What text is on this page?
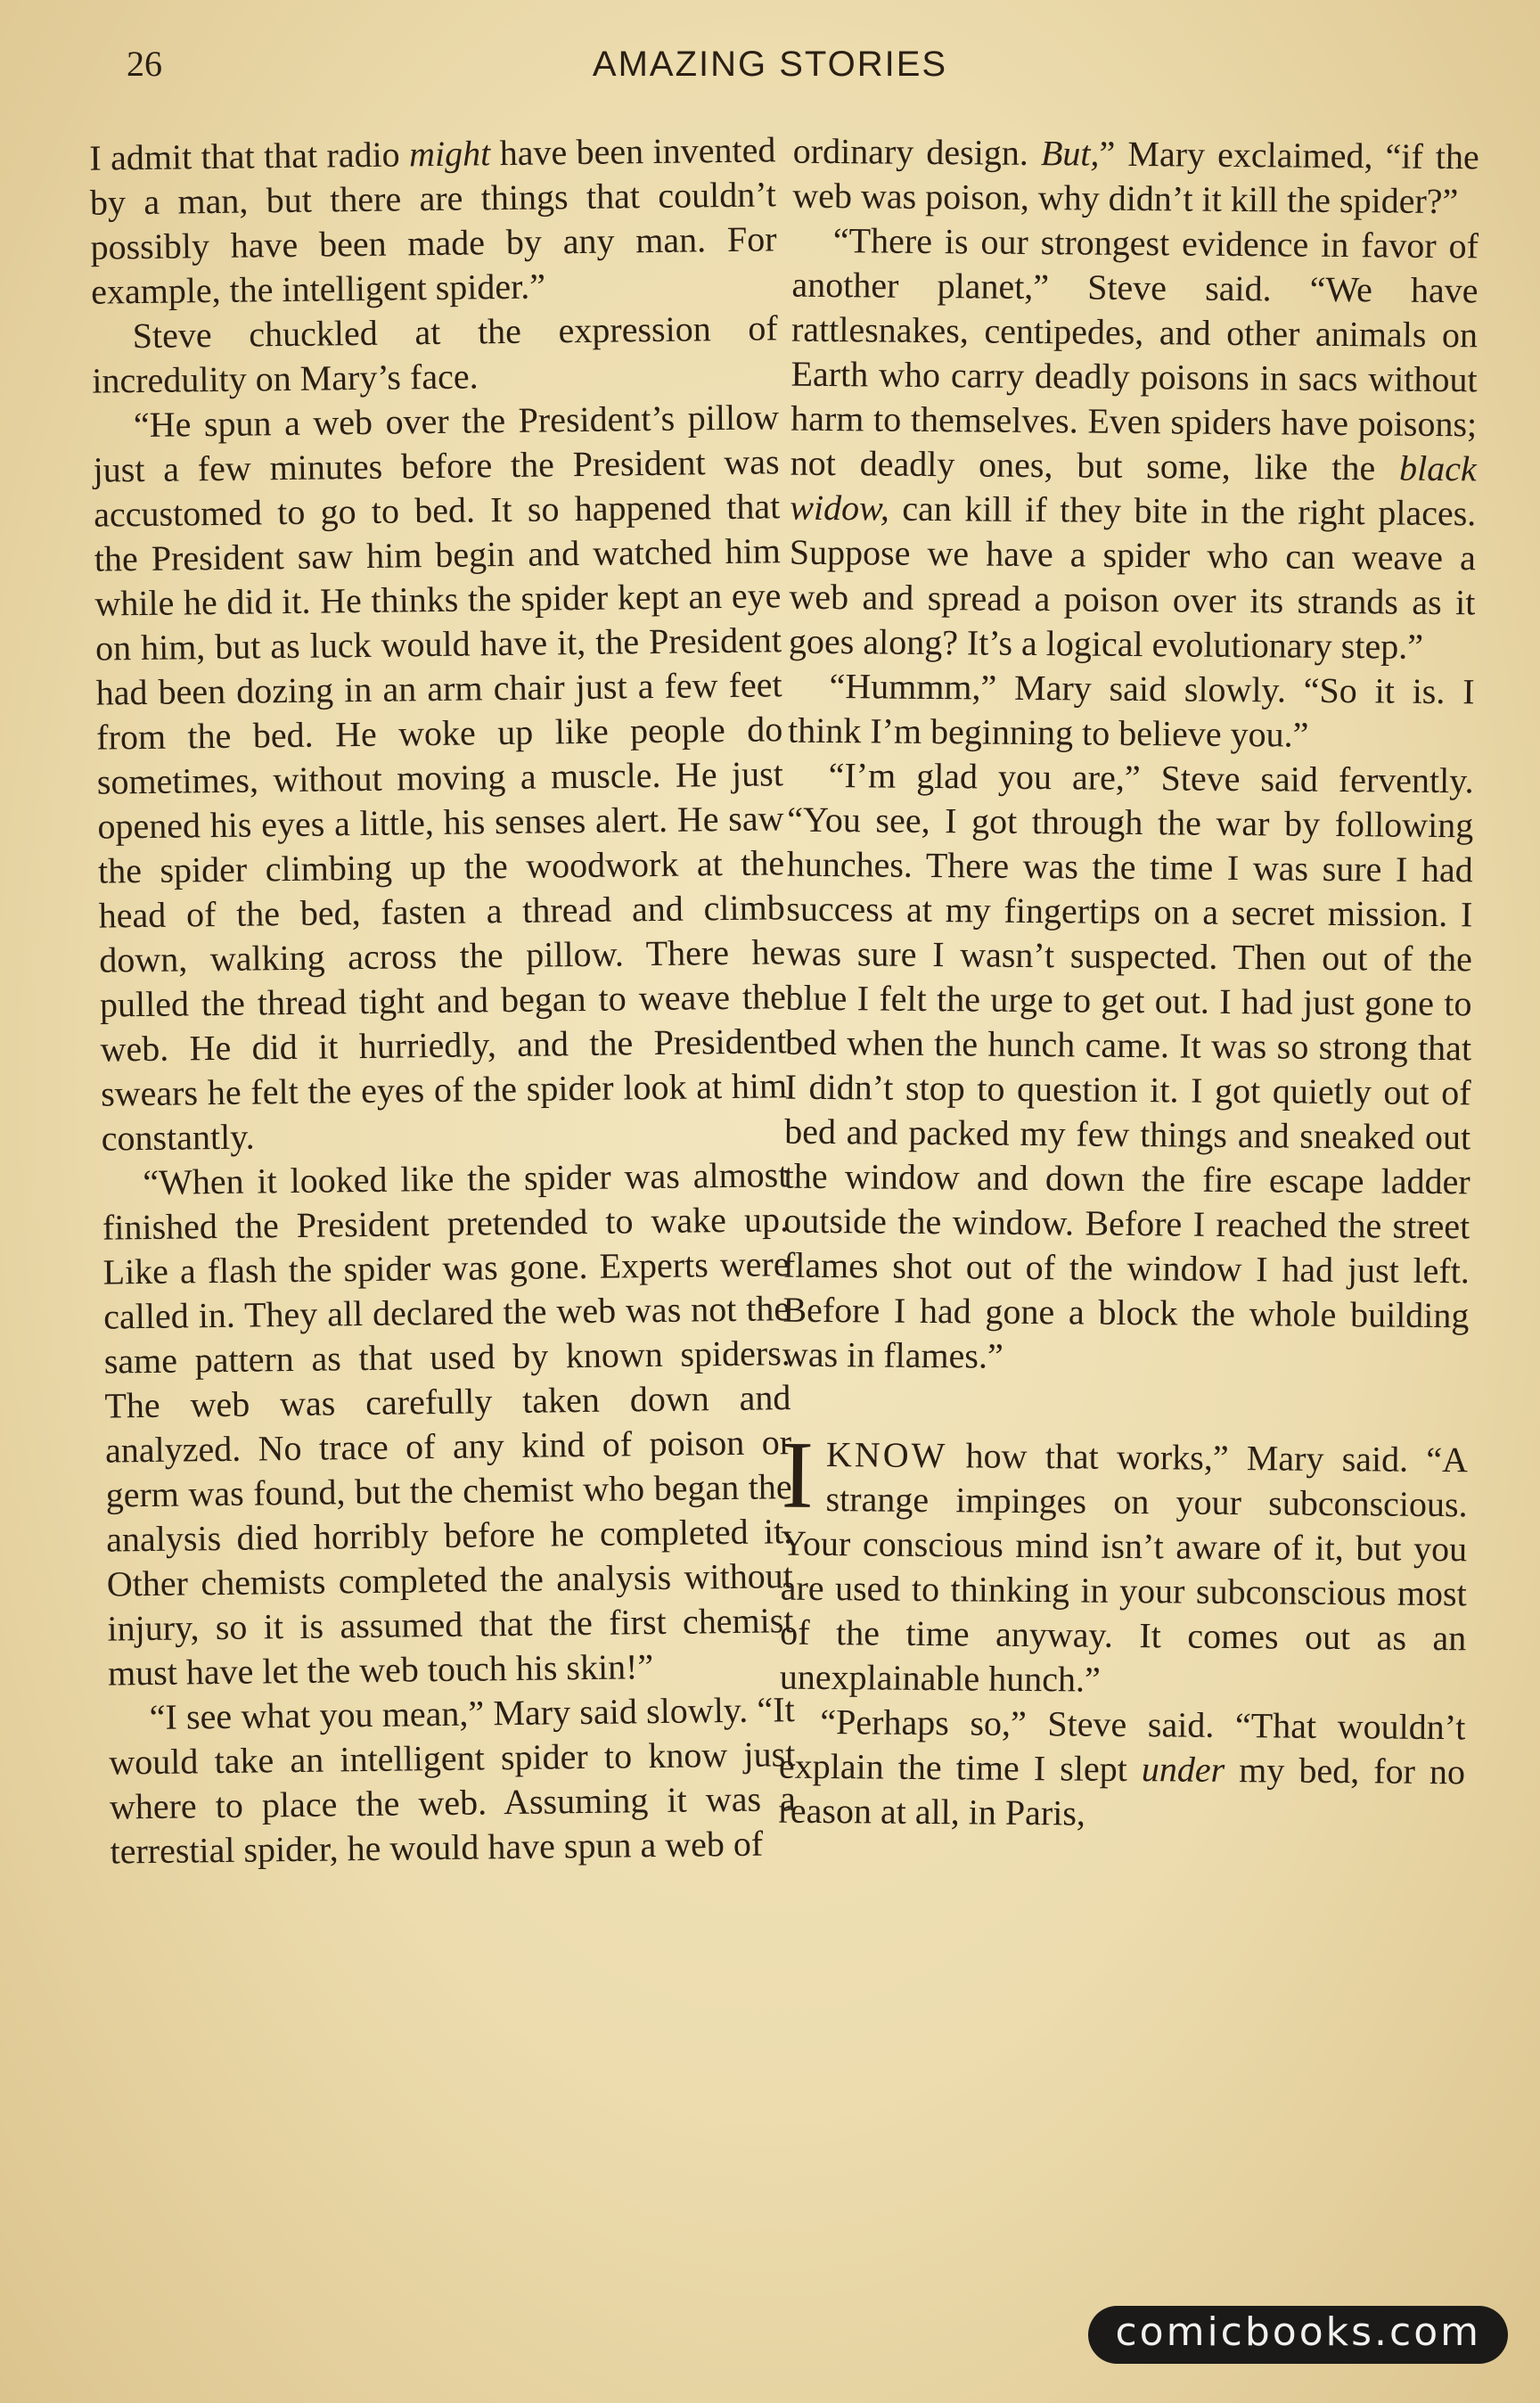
26	AMAZING STORIES

I admit that that radio might have been invented by a man, but there are things that couldn’t possibly have been made by any man. For example, the intelligent spider.”

Steve chuckled at the expression of incredulity on Mary’s face.

“He spun a web over the President’s pillow just a few minutes before the President was accustomed to go to bed. It so happened that the President saw him begin and watched him while he did it. He thinks the spider kept an eye on him, but as luck would have it, the President had been dozing in an arm chair just a few feet from the bed. He woke up like people do sometimes, without moving a muscle. He just opened his eyes a little, his senses alert. He saw the spider climbing up the woodwork at the head of the bed, fasten a thread and climb down, walking across the pillow. There he pulled the thread tight and began to weave the web. He did it hurriedly, and the President swears he felt the eyes of the spider look at him constantly.

“When it looked like the spider was almost finished the President pretended to wake up. Like a flash the spider was gone. Experts were called in. They all declared the web was not the same pattern as that used by known spiders. The web was carefully taken down and analyzed. No trace of any kind of poison or germ was found, but the chemist who began the analysis died horribly before he completed it. Other chemists completed the analysis without injury, so it is assumed that the first chemist must have let the web touch his skin!”

“I see what you mean,” Mary said slowly. “It would take an intelligent spider to know just where to place the web. Assuming it was a terrestial spider, he would have spun a web of

ordinary design. But,” Mary exclaimed, “if the web was poison, why didn’t it kill the spider?”

“There is our strongest evidence in favor of another planet,” Steve said. “We have rattlesnakes, centipedes, and other animals on Earth who carry deadly poisons in sacs without harm to themselves. Even spiders have poisons; not deadly ones, but some, like the black widow, can kill if they bite in the right places. Suppose we have a spider who can weave a web and spread a poison over its strands as it goes along? It’s a logical evolutionary step.”

“Hummm,” Mary said slowly. “So it is. I think I’m beginning to believe you.”

“I’m glad you are,” Steve said fervently. “You see, I got through the war by following hunches. There was the time I was sure I had success at my fingertips on a secret mission. I was sure I wasn’t suspected. Then out of the blue I felt the urge to get out. I had just gone to bed when the hunch came. It was so strong that I didn’t stop to question it. I got quietly out of bed and packed my few things and sneaked out the window and down the fire escape ladder outside the window. Before I reached the street flames shot out of the window I had just left. Before I had gone a block the whole building was in flames.”

IKNOW how that works,” Mary said. “A strange impinges on your subconscious. Your conscious mind isn’t aware of it, but you are used to thinking in your subconscious most of the time anyway. It comes out as an unexplainable hunch.”

“Perhaps so,” Steve said. “That wouldn’t explain the time I slept under my bed, for no reason at all, in Paris,

comicbooks.com
